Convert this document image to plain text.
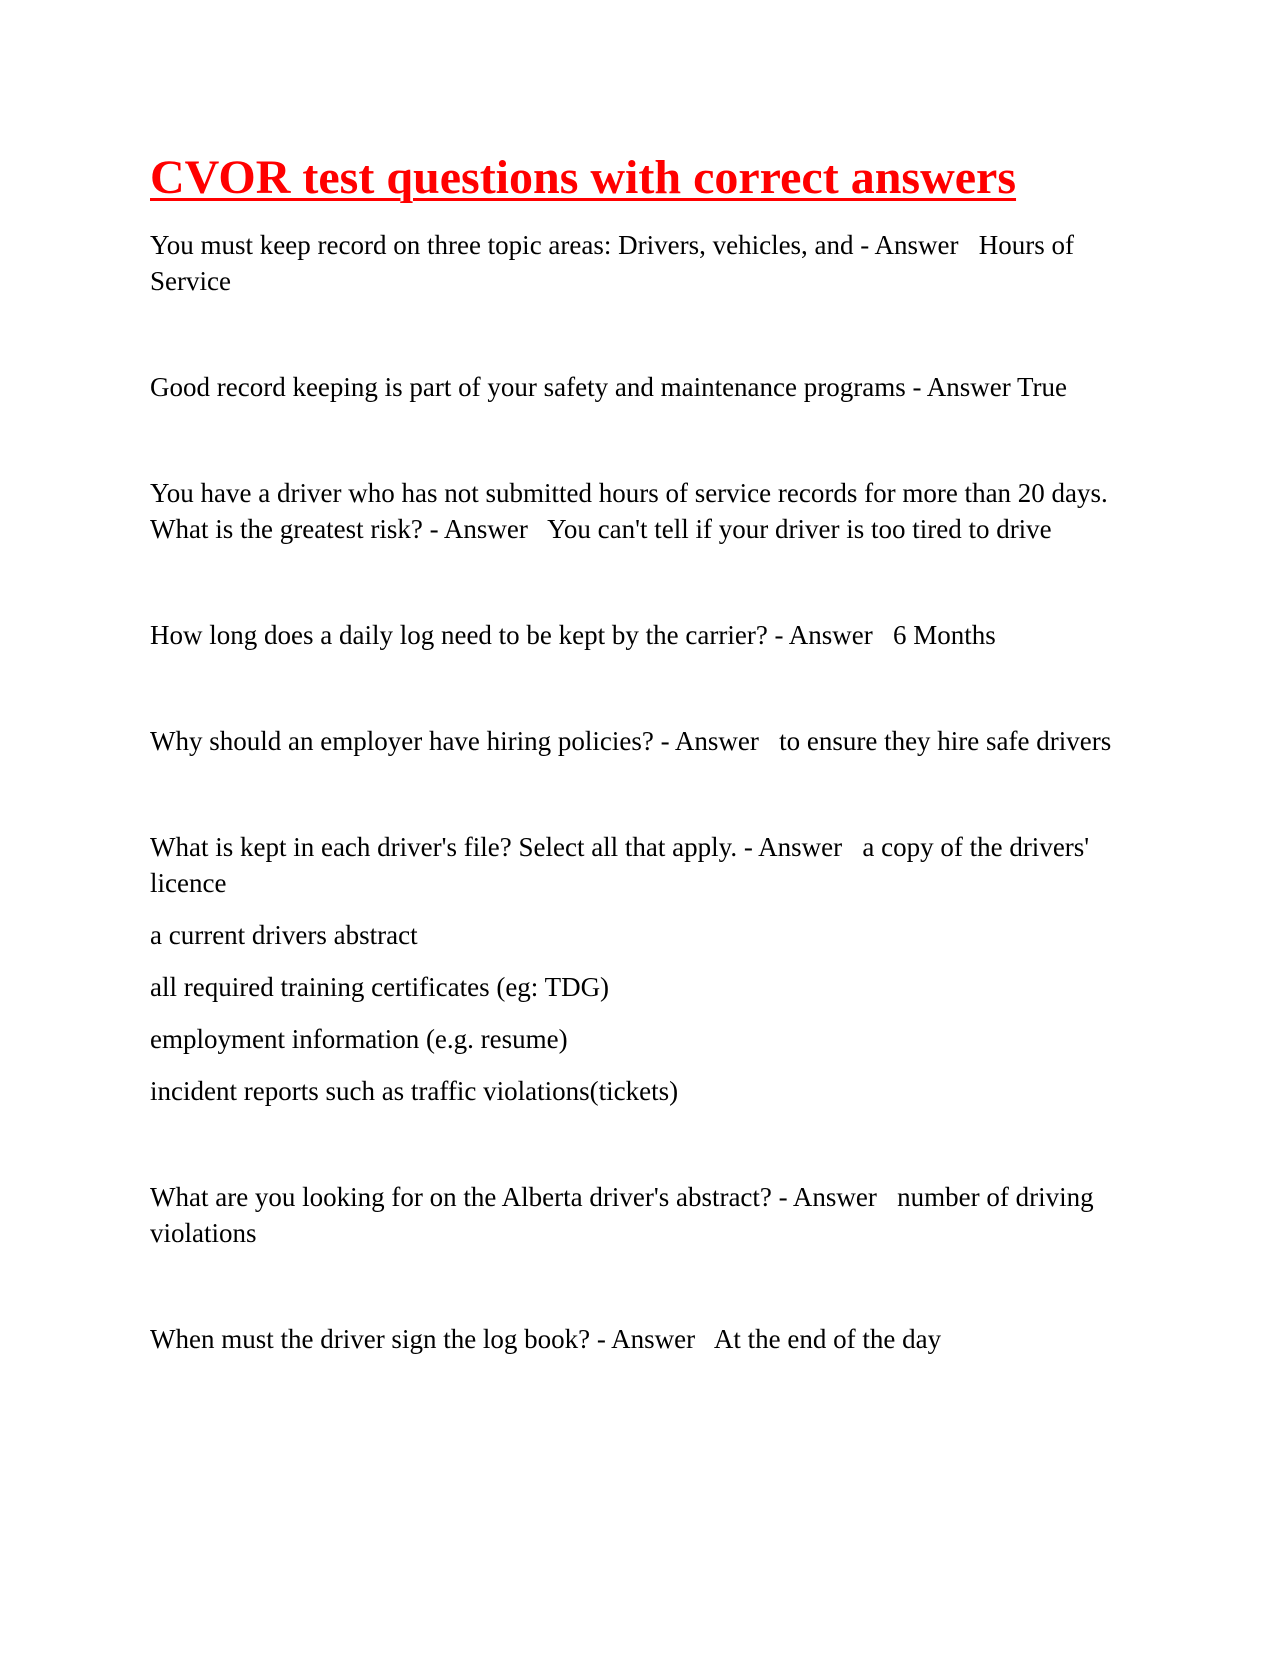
CVOR test questions with correct answers

You must keep record on three topic areas: Drivers, vehicles, and - Answer   Hours of Service

Good record keeping is part of your safety and maintenance programs - Answer True

You have a driver who has not submitted hours of service records for more than 20 days. What is the greatest risk? - Answer   You can't tell if your driver is too tired to drive

How long does a daily log need to be kept by the carrier? - Answer   6 Months

Why should an employer have hiring policies? - Answer   to ensure they hire safe drivers

What is kept in each driver's file? Select all that apply. - Answer   a copy of the drivers' licence

a current drivers abstract

all required training certificates (eg: TDG)

employment information (e.g. resume)

incident reports such as traffic violations(tickets)

What are you looking for on the Alberta driver's abstract? - Answer   number of driving violations

When must the driver sign the log book? - Answer   At the end of the day
